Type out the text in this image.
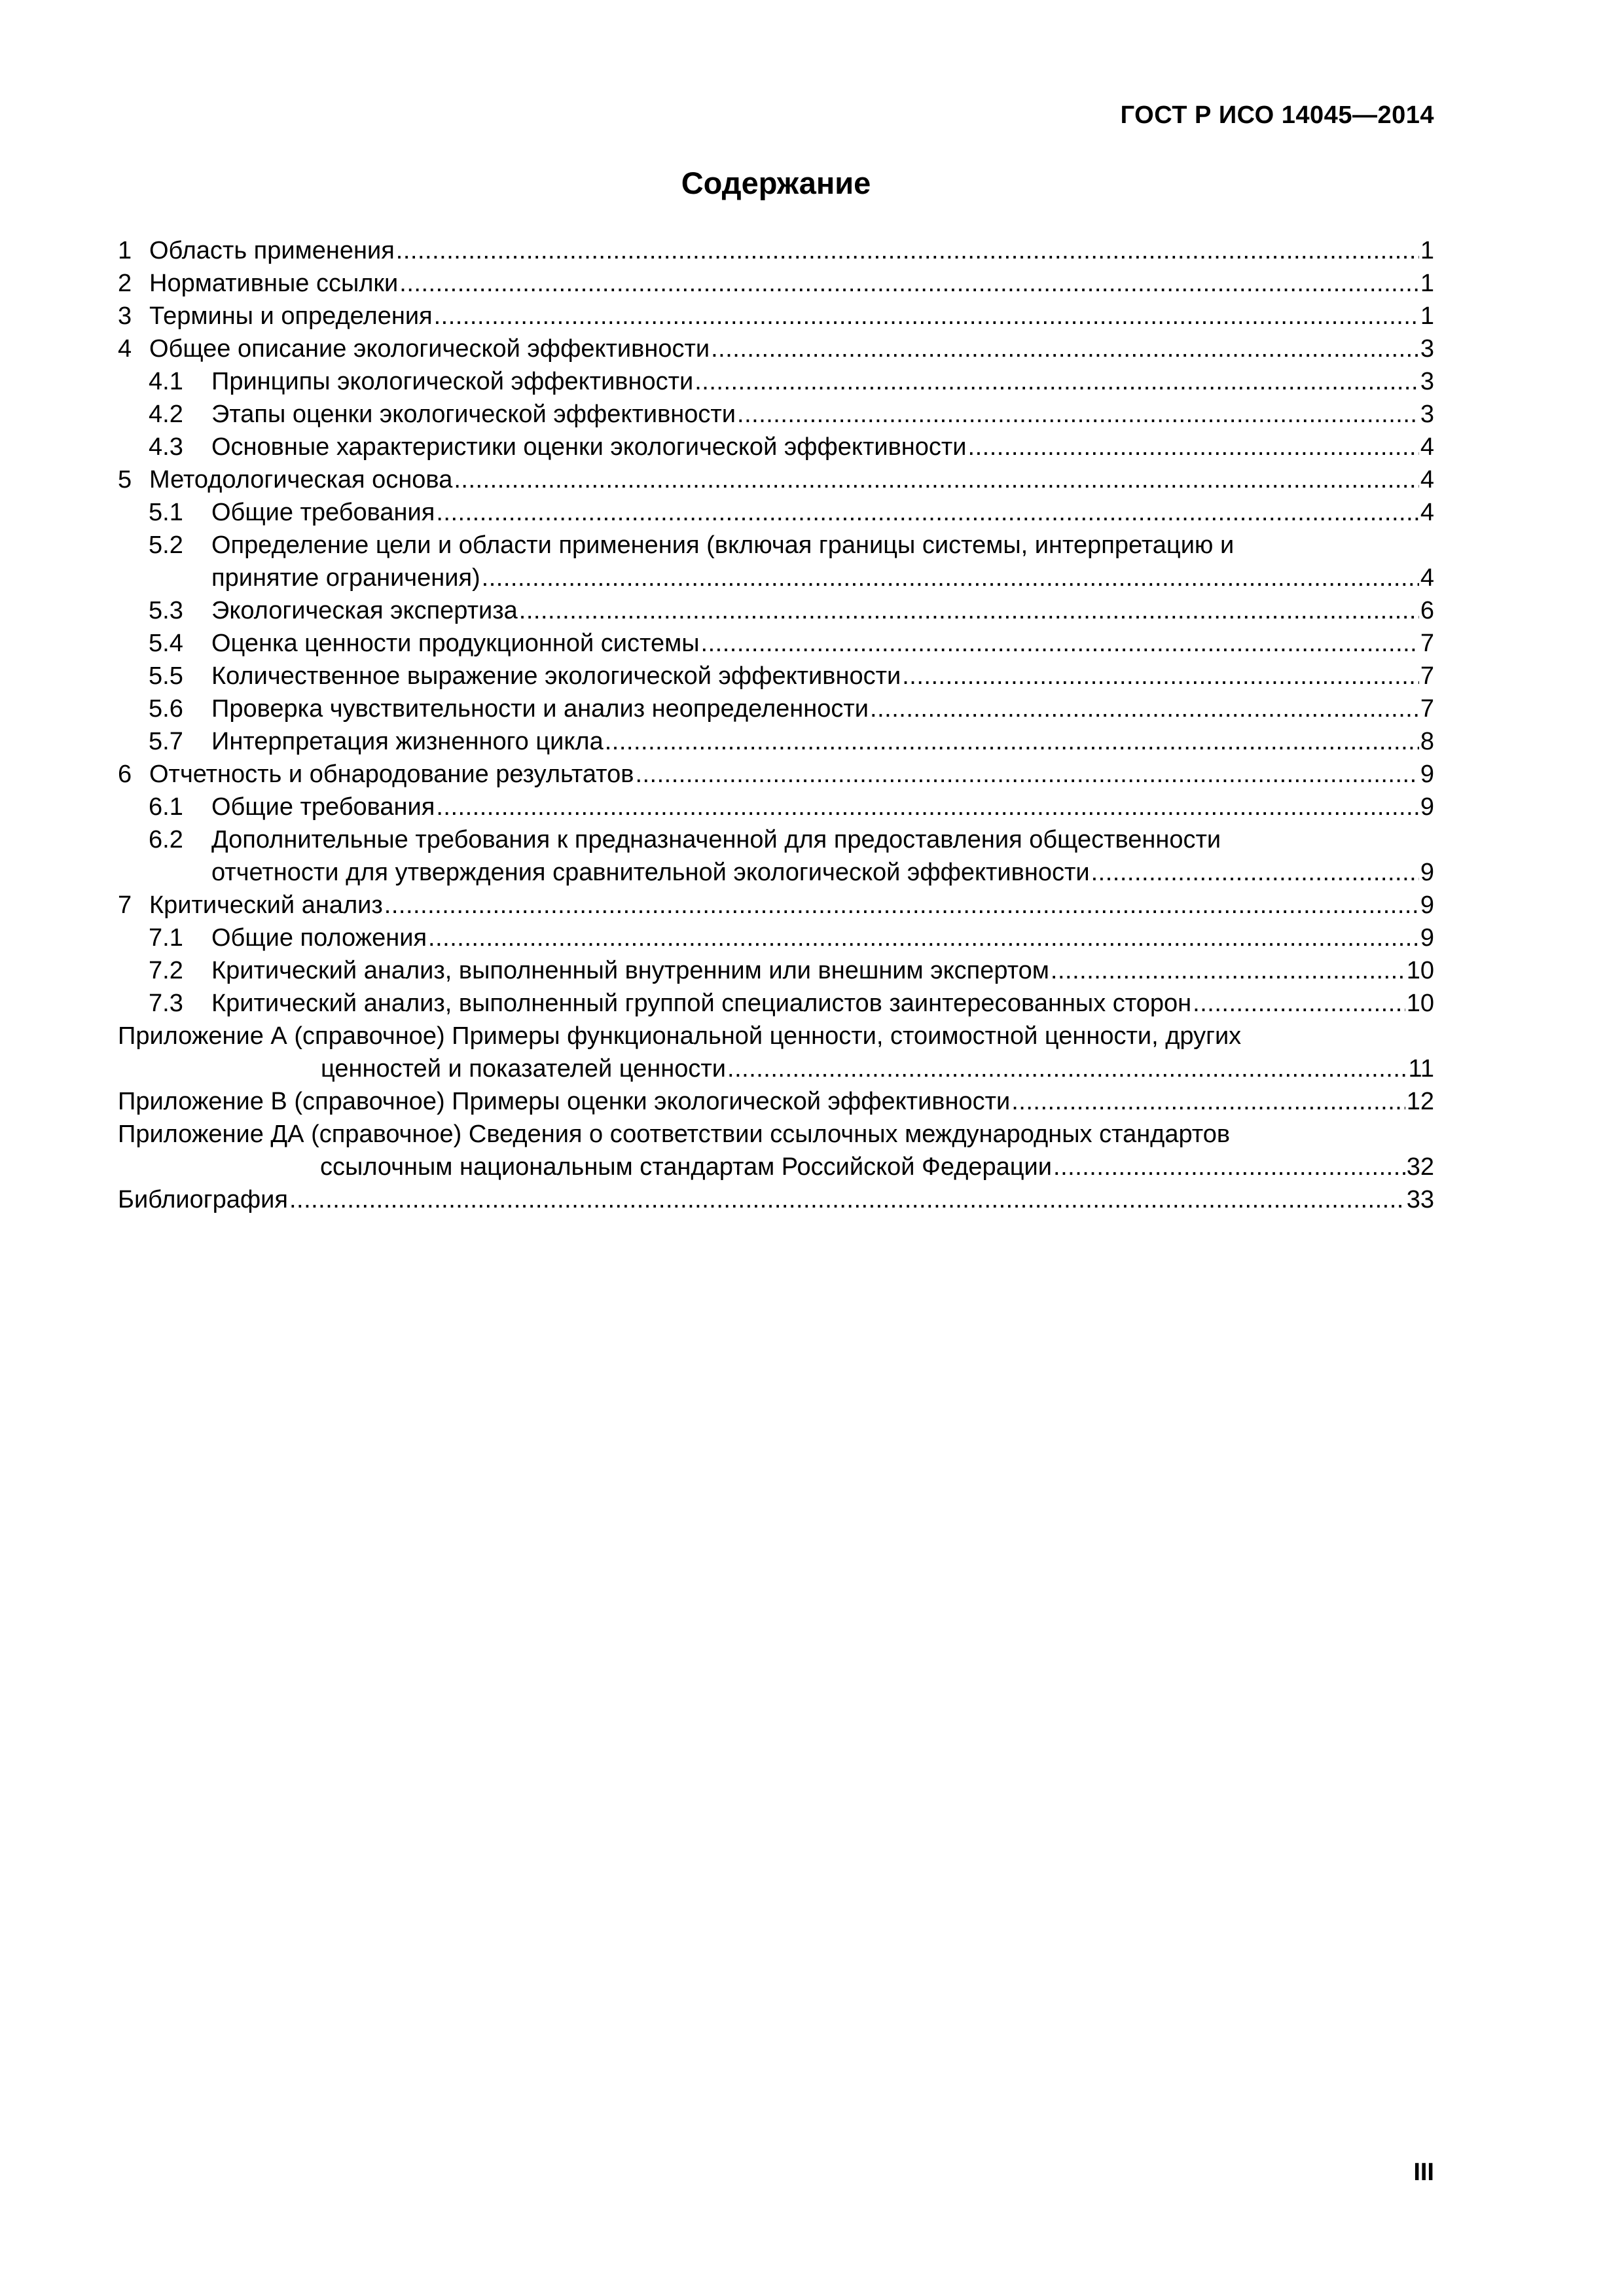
ГОСТ Р ИСО 14045—2014
Содержание
1 Область применения .....	1
2 Нормативные ссылки .....	1
3 Термины и определения .....	1
4 Общее описание экологической эффективности .....	3
4.1 Принципы экологической эффективности .....	3
4.2 Этапы оценки экологической эффективности .....	3
4.3 Основные характеристики оценки экологической эффективности .....	4
5 Методологическая основа .....	4
5.1 Общие требования .....	4
5.2 Определение цели и области применения (включая границы системы, интерпретацию и
принятие ограничения) .....	4
5.3 Экологическая экспертиза .....	6
5.4 Оценка ценности продукционной системы .....	7
5.5 Количественное выражение экологической эффективности .....	7
5.6 Проверка чувствительности и анализ неопределенности .....	7
5.7 Интерпретация жизненного цикла .....	8
6 Отчетность и обнародование результатов .....	9
6.1 Общие требования .....	9
6.2 Дополнительные требования к предназначенной для предоставления общественности
отчетности для утверждения сравнительной экологической эффективности .....	9
7 Критический анализ .....	9
7.1 Общие положения .....	9
7.2 Критический анализ, выполненный внутренним или внешним экспертом .....	10
7.3 Критический анализ, выполненный группой специалистов заинтересованных сторон .....	10
Приложение А (справочное) Примеры функциональной ценности, стоимостной ценности, других
ценностей и показателей ценности .....	11
Приложение В (справочное) Примеры оценки экологической эффективности .....	12
Приложение ДА (справочное) Сведения о соответствии ссылочных международных стандартов
ссылочным национальным стандартам Российской Федерации .....	32
Библиография .....	33
III
